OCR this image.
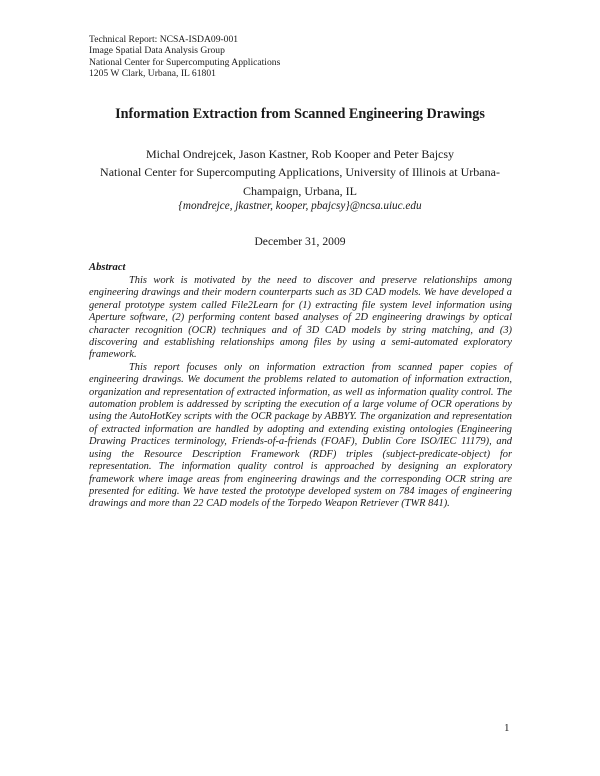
Technical Report: NCSA-ISDA09-001
Image Spatial Data Analysis Group
National Center for Supercomputing Applications
1205 W Clark, Urbana, IL 61801
Information Extraction from Scanned Engineering Drawings
Michal Ondrejcek, Jason Kastner, Rob Kooper and Peter Bajcsy
National Center for Supercomputing Applications, University of Illinois at Urbana-Champaign, Urbana, IL
{mondrejce, jkastner, kooper, pbajcsy}@ncsa.uiuc.edu
December 31, 2009
Abstract

This work is motivated by the need to discover and preserve relationships among engineering drawings and their modern counterparts such as 3D CAD models. We have developed a general prototype system called File2Learn for (1) extracting file system level information using Aperture software, (2) performing content based analyses of 2D engineering drawings by optical character recognition (OCR) techniques and of 3D CAD models by string matching, and (3) discovering and establishing relationships among files by using a semi-automated exploratory framework.

This report focuses only on information extraction from scanned paper copies of engineering drawings. We document the problems related to automation of information extraction, organization and representation of extracted information, as well as information quality control. The automation problem is addressed by scripting the execution of a large volume of OCR operations by using the AutoHotKey scripts with the OCR package by ABBYY. The organization and representation of extracted information are handled by adopting and extending existing ontologies (Engineering Drawing Practices terminology, Friends-of-a-friends (FOAF), Dublin Core ISO/IEC 11179), and using the Resource Description Framework (RDF) triples (subject-predicate-object) for representation. The information quality control is approached by designing an exploratory framework where image areas from engineering drawings and the corresponding OCR string are presented for editing. We have tested the prototype developed system on 784 images of engineering drawings and more than 22 CAD models of the Torpedo Weapon Retriever (TWR 841).

1
